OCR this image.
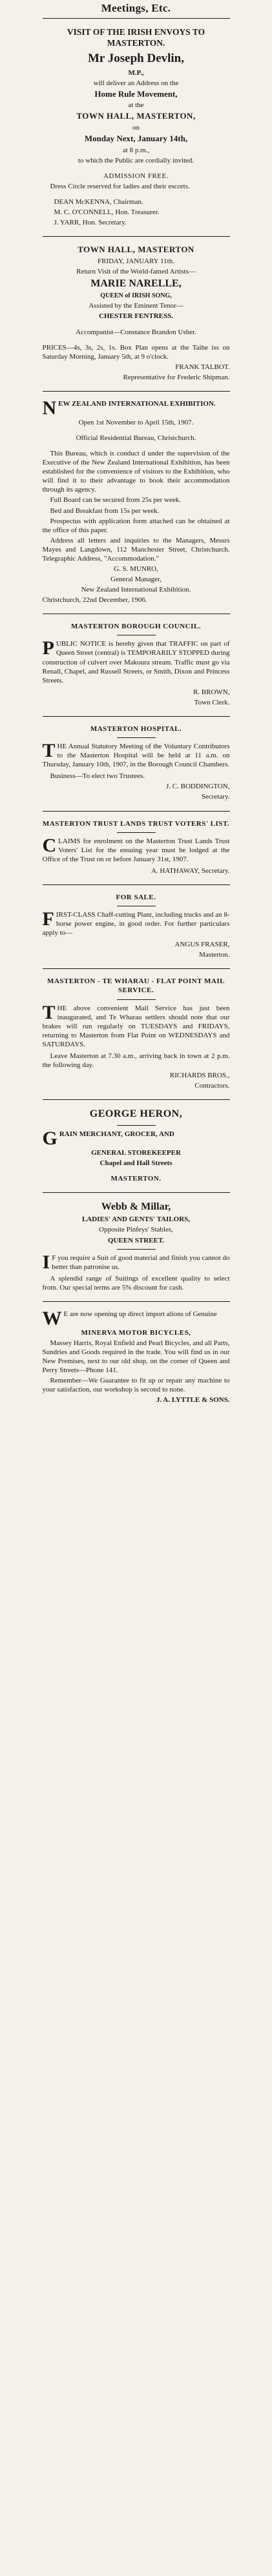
Meetings, Etc.

VISIT OF THE IRISH ENVOYS TO MASTERTON.

Mr Joseph Devlin,

M.P.,

will deliver an Address on the

Home Rule Movement,

at the

TOWN HALL, MASTERTON,

on

Monday Next, January 14th,

at 8 p.m.,

to which the Public are cordially invited.

ADMISSION FREE.

Dress Circle reserved for ladies and their escorts.

DEAN McKENNA, Chairman.

M. C. O'CONNELL, Hon. Treasurer.

J. YARR, Hon. Secretary.

TOWN HALL, MASTERTON

FRIDAY, JANUARY 11th.

Return Visit of the World-famed Artists—

MARIE NARELLE,

QUEEN of IRISH SONG,

Assisted by the Eminent Tenor—

CHESTER FENTRESS.

Accompanist—Constance Brandon Usher.

PRICES—4s, 3s, 2s, 1s. Box Plan opens at the Taihe iss on Saturday Morning, January 5th, at 9 o'clock.

FRANK TALBOT.

Representative for Frederic Shipman.

NEW ZEALAND INTERNATIONAL EXHIBITION.

Open 1st November to April 15th, 1907.

Official Residential Bureau, Christchurch.

This Bureau, which is conduct d under the supervision of the Executive of the New Zealand International Exhibition, has been established for the convenience of visitors to the Exhibition, who will find it to their advantage to book their accommodation through its agency.

Full Board can be secured from 25s per week.

Bed and Breakfast from 15s per week.

Prospectus with application form attached can be obtained at the office of this paper.

Address all letters and inquiries to the Managers, Messrs Mayes and Langdown, 112 Manchester Street, Christchurch. Telegraphic Address, "Accommodation."

G. S. MUNRO,

General Manager,

New Zealand International Exhibition.

Christchurch, 22nd December, 1906.

MASTERTON BOROUGH COUNCIL.

PUBLIC NOTICE is hereby given that TRAFFIC on part of Queen Street (central) is TEMPORARILY STOPPED during construction of culvert over Makoura stream. Traffic must go via Renall, Chapel, and Russell Streets, or Smith, Dixon and Princess Streets.

R. BROWN,

Town Clerk.

MASTERTON HOSPITAL.

THE Annual Statutory Meeting of the Voluntary Contributors to the Masterton Hospital will be held at 11 a.m. on Thursday, January 10th, 1907, in the Borough Council Chambers.

Business—To elect two Trustees.

J. C. BODDINGTON,

Secretary.

MASTERTON TRUST LANDS TRUST VOTERS' LIST.

CLAIMS for enrolment on the Masterton Trust Lands Trust Voters' List for the ensuing year must be lodged at the Office of the Trust on or before January 31st, 1907.

A. HATHAWAY, Secretary.

FOR SALE.

FIRST-CLASS Chaff-cutting Plant, including trucks and an 8-horse power engine, in good order. For further particulars apply to—

ANGUS FRASER,

Masterton.

MASTERTON - TE WHARAU - FLAT POINT MAIL SERVICE.

THE above convenient Mail Service has just been inaugurated, and Te Wharau settlers should note that our brakes will run regularly on TUESDAYS and FRIDAYS, returning to Masterton from Flat Point on WEDNESDAYS and SATURDAYS.

Leave Masterton at 7.30 a.m., arriving back in town at 2 p.m. the following day.

RICHARDS BROS.,

Contractors.

GEORGE HERON,

GRAIN MERCHANT, GROCER, AND

GENERAL STOREKEEPER

Chapel and Hall Streets

MASTERTON.

Webb & Millar,

LADIES' AND GENTS' TAILORS,

Opposite Pinfeys' Stables,

QUEEN STREET.

I F you require a Suit of good material and finish you cannot do better than patronise us.

A splendid range of Suitings of excellent quality to select from. Our special terms are 5% discount for cash.

W E are now opening up direct import alions of Genuine

MINERVA MOTOR BICYCLES,

Massey Harris, Royal Enfield and Pearl Bicycles, and all Parts, Sundries and Goods required in the trade. You will find us in our New Premises, next to our old shop, on the corner of Queen and Perry Streets—Phone 141.

Remember—We Guarantee to fit up or repair any machine to your satisfaction, our workshop is second to none.

J. A. LYTTLE & SONS.
